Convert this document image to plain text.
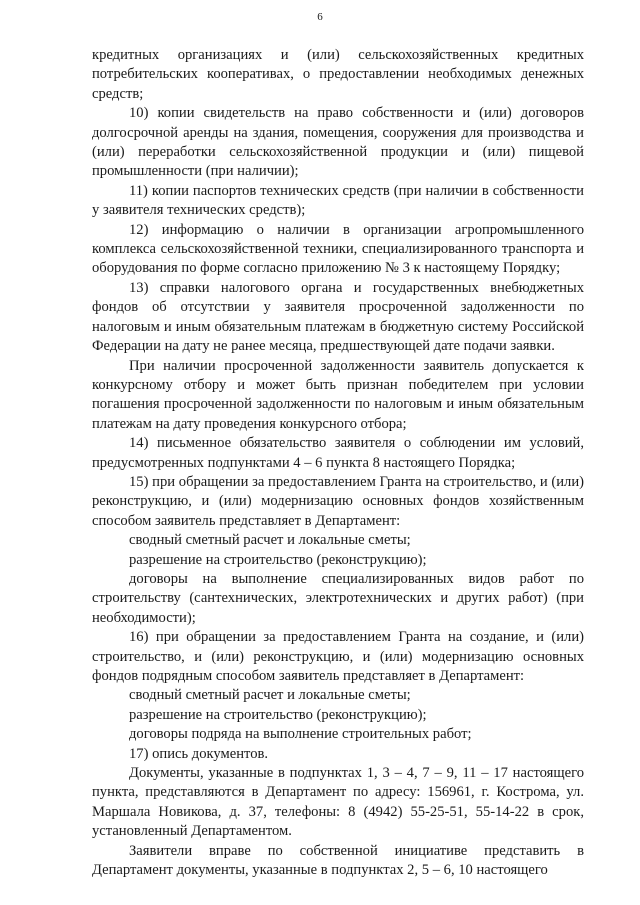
6

кредитных организациях и (или) сельскохозяйственных кредитных потребительских кооперативах, о предоставлении необходимых денежных средств;

10) копии свидетельств на право собственности и (или) договоров долгосрочной аренды на здания, помещения, сооружения для производства и (или) переработки сельскохозяйственной продукции и (или) пищевой промышленности (при наличии);

11) копии паспортов технических средств (при наличии в собственности у заявителя технических средств);

12) информацию о наличии в организации агропромышленного комплекса сельскохозяйственной техники, специализированного транспорта и оборудования по форме согласно приложению № 3 к настоящему Порядку;

13) справки налогового органа и государственных внебюджетных фондов об отсутствии у заявителя просроченной задолженности по налоговым и иным обязательным платежам в бюджетную систему Российской Федерации на дату не ранее месяца, предшествующей дате подачи заявки.

При наличии просроченной задолженности заявитель допускается к конкурсному отбору и может быть признан победителем при условии погашения просроченной задолженности по налоговым и иным обязательным платежам на дату проведения конкурсного отбора;

14) письменное обязательство заявителя о соблюдении им условий, предусмотренных подпунктами 4 – 6 пункта 8 настоящего Порядка;

15) при обращении за предоставлением Гранта на строительство, и (или) реконструкцию, и (или) модернизацию основных фондов хозяйственным способом заявитель представляет в Департамент:

сводный сметный расчет и локальные сметы;

разрешение на строительство (реконструкцию);

договоры на выполнение специализированных видов работ по строительству (сантехнических, электротехнических и других работ) (при необходимости);

16) при обращении за предоставлением Гранта на создание, и (или) строительство, и (или) реконструкцию, и (или) модернизацию основных фондов подрядным способом заявитель представляет в Департамент:

сводный сметный расчет и локальные сметы;

разрешение на строительство (реконструкцию);

договоры подряда на выполнение строительных работ;

17) опись документов.

Документы, указанные в подпунктах 1, 3 – 4, 7 – 9, 11 – 17 настоящего пункта, представляются в Департамент по адресу: 156961, г. Кострома, ул. Маршала Новикова, д. 37, телефоны: 8 (4942) 55-25-51, 55-14-22 в срок, установленный Департаментом.

Заявители вправе по собственной инициативе представить в Департамент документы, указанные в подпунктах 2, 5 – 6, 10 настоящего
